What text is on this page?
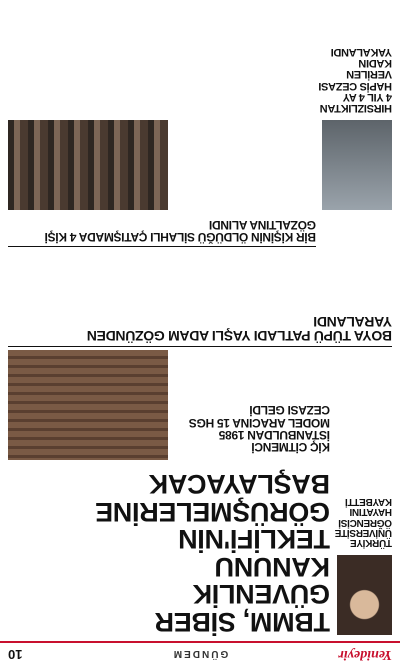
Yenideyir
GÜNDEM
10
TBMM, SİBER GÜVENLİK KANUNU TEKLİFİ'NİN GÖRÜŞMELERİNE BAŞLAYACAK
TÜRKİYE ÜNİVERSİTE ÖĞRENCİSİ HAYATINI KAYBETTİ
KİÇ CİTMENCİ İSTANBULDAN 1985 MODEL ARACINA 15 HGS CEZASI GELDİ
BOYA TÜPÜ PATLADI YAŞLI ADAM GÖZÜNDEN YARALANDI
BİR KİŞİNİN ÖLDÜĞÜ SİLAHLI ÇATIŞMADA 4 KİŞİ GÖZALTINA ALINDI
HIRSIZLIKTAN 4 YIL 4 AY HAPİS CEZASI VERİLEN KADIN YAKALANDI
